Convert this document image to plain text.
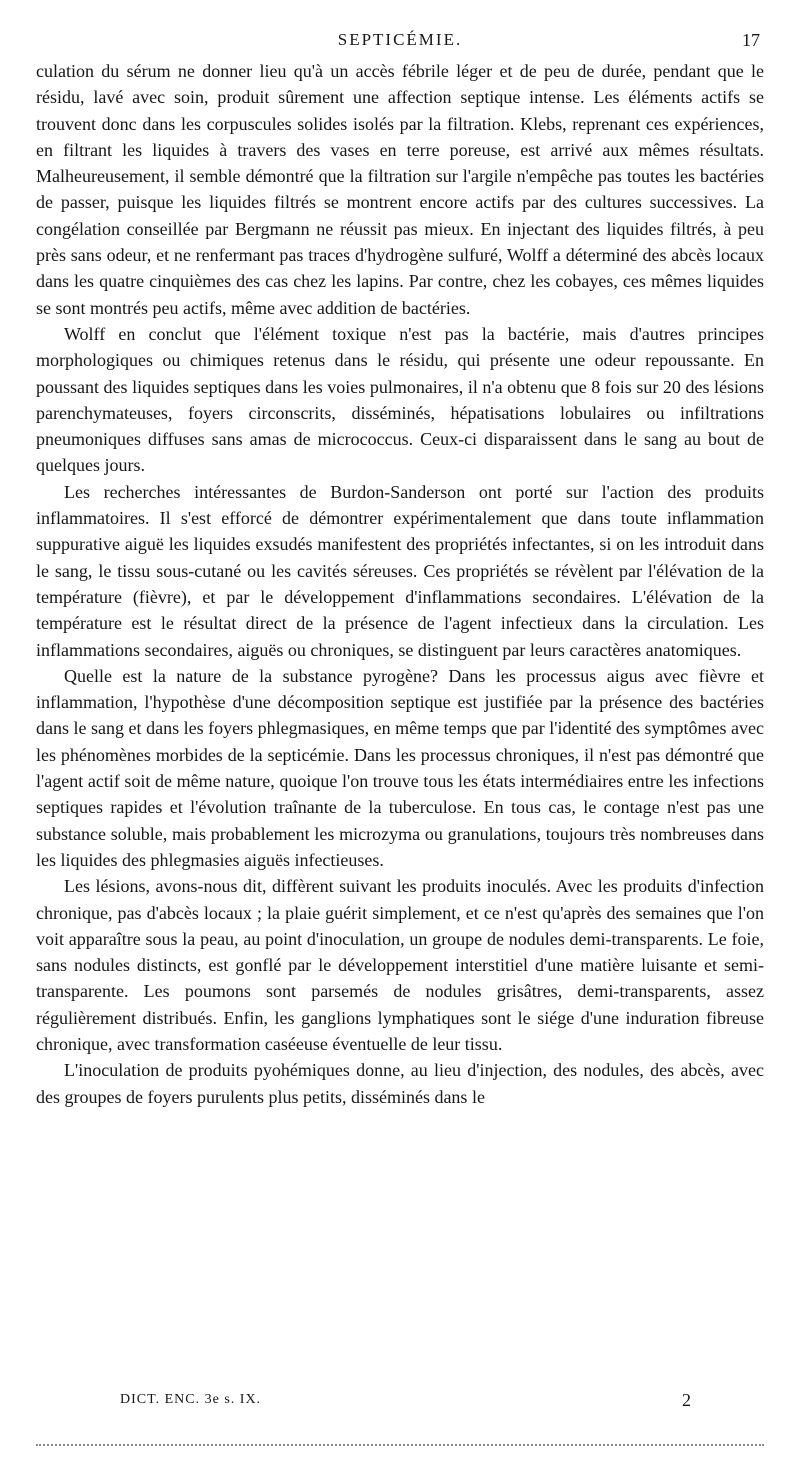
SEPTICÉMIE.	17

culation du sérum ne donner lieu qu'à un accès fébrile léger et de peu de durée, pendant que le résidu, lavé avec soin, produit sûrement une affection septique intense. Les éléments actifs se trouvent donc dans les corpuscules solides isolés par la filtration. Klebs, reprenant ces expériences, en filtrant les liquides à travers des vases en terre poreuse, est arrivé aux mêmes résultats. Malheureusement, il semble démontré que la filtration sur l'argile n'empêche pas toutes les bactéries de passer, puisque les liquides filtrés se montrent encore actifs par des cultures successives. La congélation conseillée par Bergmann ne réussit pas mieux. En injectant des liquides filtrés, à peu près sans odeur, et ne renfermant pas traces d'hydrogène sulfuré, Wolff a déterminé des abcès locaux dans les quatre cinquièmes des cas chez les lapins. Par contre, chez les cobayes, ces mêmes liquides se sont montrés peu actifs, même avec addition de bactéries.

Wolff en conclut que l'élément toxique n'est pas la bactérie, mais d'autres principes morphologiques ou chimiques retenus dans le résidu, qui présente une odeur repoussante. En poussant des liquides septiques dans les voies pulmonaires, il n'a obtenu que 8 fois sur 20 des lésions parenchymateuses, foyers circonscrits, disséminés, hépatisations lobulaires ou infiltrations pneumoniques diffuses sans amas de micrococcus. Ceux-ci disparaissent dans le sang au bout de quelques jours.

Les recherches intéressantes de Burdon-Sanderson ont porté sur l'action des produits inflammatoires. Il s'est efforcé de démontrer expérimentalement que dans toute inflammation suppurative aiguë les liquides exsudés manifestent des propriétés infectantes, si on les introduit dans le sang, le tissu sous-cutané ou les cavités séreuses. Ces propriétés se révèlent par l'élévation de la température (fièvre), et par le développement d'inflammations secondaires. L'élévation de la température est le résultat direct de la présence de l'agent infectieux dans la circulation. Les inflammations secondaires, aiguës ou chroniques, se distinguent par leurs caractères anatomiques.

Quelle est la nature de la substance pyrogène? Dans les processus aigus avec fièvre et inflammation, l'hypothèse d'une décomposition septique est justifiée par la présence des bactéries dans le sang et dans les foyers phlegmasiques, en même temps que par l'identité des symptômes avec les phénomènes morbides de la septicémie. Dans les processus chroniques, il n'est pas démontré que l'agent actif soit de même nature, quoique l'on trouve tous les états intermédiaires entre les infections septiques rapides et l'évolution traînante de la tuberculose. En tous cas, le contage n'est pas une substance soluble, mais probablement les microzyma ou granulations, toujours très nombreuses dans les liquides des phlegmasies aiguës infectieuses.

Les lésions, avons-nous dit, diffèrent suivant les produits inoculés. Avec les produits d'infection chronique, pas d'abcès locaux ; la plaie guérit simplement, et ce n'est qu'après des semaines que l'on voit apparaître sous la peau, au point d'inoculation, un groupe de nodules demi-transparents. Le foie, sans nodules distincts, est gonflé par le développement interstitiel d'une matière luisante et semi-transparente. Les poumons sont parsemés de nodules grisâtres, demi-transparents, assez régulièrement distribués. Enfin, les ganglions lymphatiques sont le siége d'une induration fibreuse chronique, avec transformation caséeuse éventuelle de leur tissu.

L'inoculation de produits pyohémiques donne, au lieu d'injection, des nodules, des abcès, avec des groupes de foyers purulents plus petits, disséminés dans le

DICT. ENC. 3e s. IX.	2
